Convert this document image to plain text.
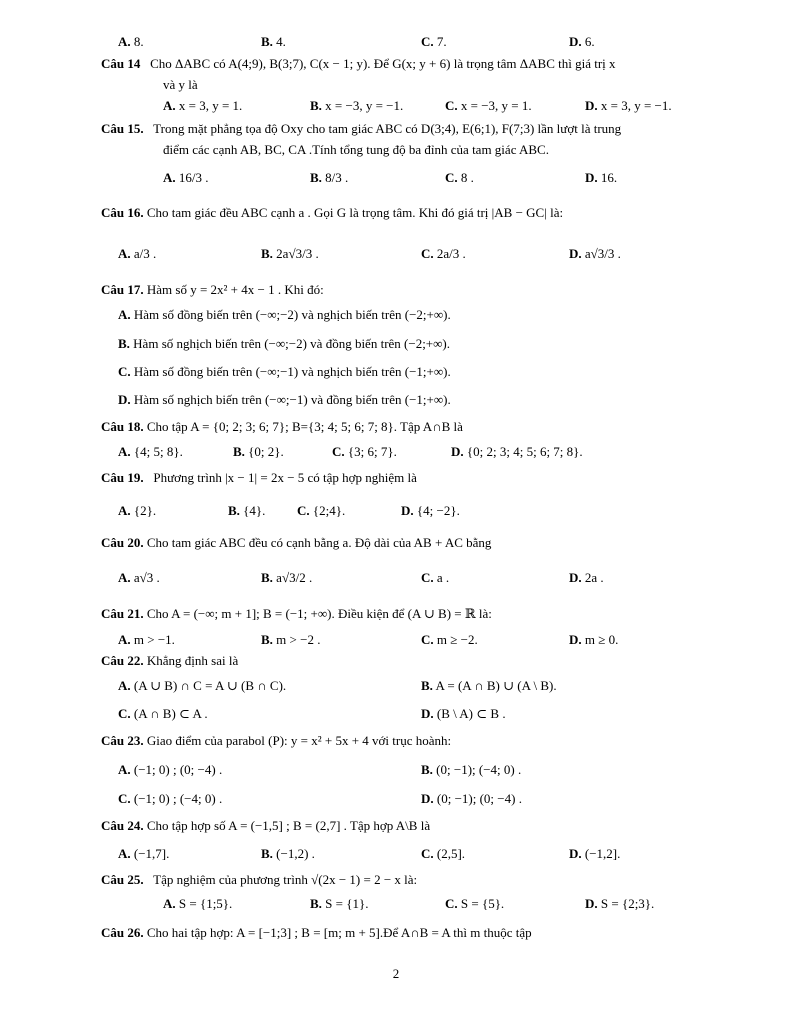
A. 8.	B. 4.	C. 7.	D. 6.
Câu 14 Cho ΔABC có A(4;9), B(3;7), C(x − 1; y). Để G(x; y + 6) là trọng tâm ΔABC thì giá trị x
và y là
A. x = 3, y = 1.	B. x = −3, y = −1.	C. x = −3, y = 1.	D. x = 3, y = −1.
Câu 15. Trong mặt phẳng tọa độ Oxy cho tam giác ABC có D(3;4), E(6;1), F(7;3) lần lượt là trung
điểm các cạnh AB, BC, CA .Tính tổng tung độ ba đỉnh của tam giác ABC.
A. 16/3 .	B. 8/3 .	C. 8 .	D. 16.
Câu 16. Cho tam giác đều ABC cạnh a . Gọi G là trọng tâm. Khi đó giá trị |AB − GC| là:
A. a/3 .	B. 2a√3/3 .	C. 2a/3 .	D. a√3/3 .
Câu 17. Hàm số y = 2x² + 4x − 1 . Khi đó:
A. Hàm số đồng biến trên (−∞;−2) và nghịch biến trên (−2;+∞).
B. Hàm số nghịch biến trên (−∞;−2) và đồng biến trên (−2;+∞).
C. Hàm số đồng biến trên (−∞;−1) và nghịch biến trên (−1;+∞).
D. Hàm số nghịch biến trên (−∞;−1) và đồng biến trên (−1;+∞).
Câu 18. Cho tập A = {0; 2; 3; 6; 7}; B={3; 4; 5; 6; 7; 8}. Tập A∩B là
A. {4; 5; 8}.	B. {0; 2}.	C. {3; 6; 7}.	D. {0; 2; 3; 4; 5; 6; 7; 8}.
Câu 19. Phương trình |x − 1| = 2x − 5 có tập hợp nghiệm là
A. {2}.	B. {4}. C. {2;4}.	D. {4; −2}.
Câu 20. Cho tam giác ABC đều có cạnh bằng a. Độ dài của AB + AC bằng
A. a√3 .	B. a√3/2 .	C. a .	D. 2a .
Câu 21. Cho A = (−∞; m + 1]; B = (−1; +∞). Điều kiện để (A ∪ B) = ℝ là:
A. m > −1.	B. m > −2 .	C. m ≥ −2.	D. m ≥ 0.
Câu 22. Khẳng định sai là
A. (A ∪ B) ∩ C = A ∪ (B ∩ C).	B. A = (A ∩ B) ∪ (A \ B).
C. (A ∩ B) ⊂ A .	D. (B \ A) ⊂ B .
Câu 23. Giao điểm của parabol (P): y = x² + 5x + 4 với trục hoành:
A. (−1; 0) ; (0; −4) .	B. (0; −1); (−4; 0) .
C. (−1; 0) ; (−4; 0) .	D. (0; −1); (0; −4) .
Câu 24. Cho tập hợp số A = (−1,5] ; B = (2,7] . Tập hợp A\B là
A. (−1,7].	B. (−1,2) .	C. (2,5].	D. (−1,2].
Câu 25. Tập nghiệm của phương trình √(2x − 1) = 2 − x là:
A. S = {1;5}.	B. S = {1}.	C. S = {5}.	D. S = {2;3}.
Câu 26. Cho hai tập hợp: A = [−1;3] ; B = [m; m + 5].Để A∩B = A thì m thuộc tập
2
